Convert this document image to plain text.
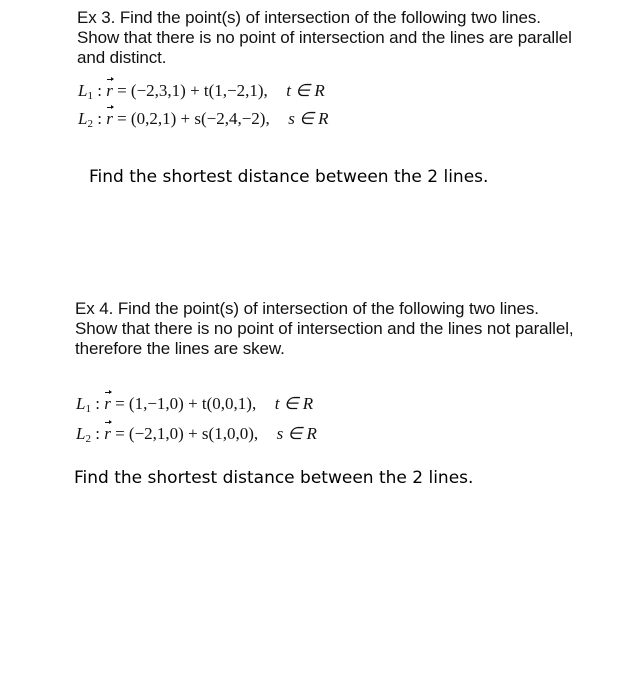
Ex 3. Find the point(s) of intersection of the following two lines. Show that there is no point of intersection and the lines are parallel and distinct.

$L_1$ : r = (−2,3,1) + t(1,−2,1), t ∈ R

$L_2$ : r = (0,2,1) + s(−2,4,−2), s ∈ R

Find the shortest distance between the 2 lines.

Ex 4. Find the point(s) of intersection of the following two lines. Show that there is no point of intersection and the lines not parallel, therefore the lines are skew.

$L_1$ : r = (1,−1,0) + t(0,0,1), t ∈ R

$L_2$ : r = (−2,1,0) + s(1,0,0), s ∈ R

Find the shortest distance between the 2 lines.
